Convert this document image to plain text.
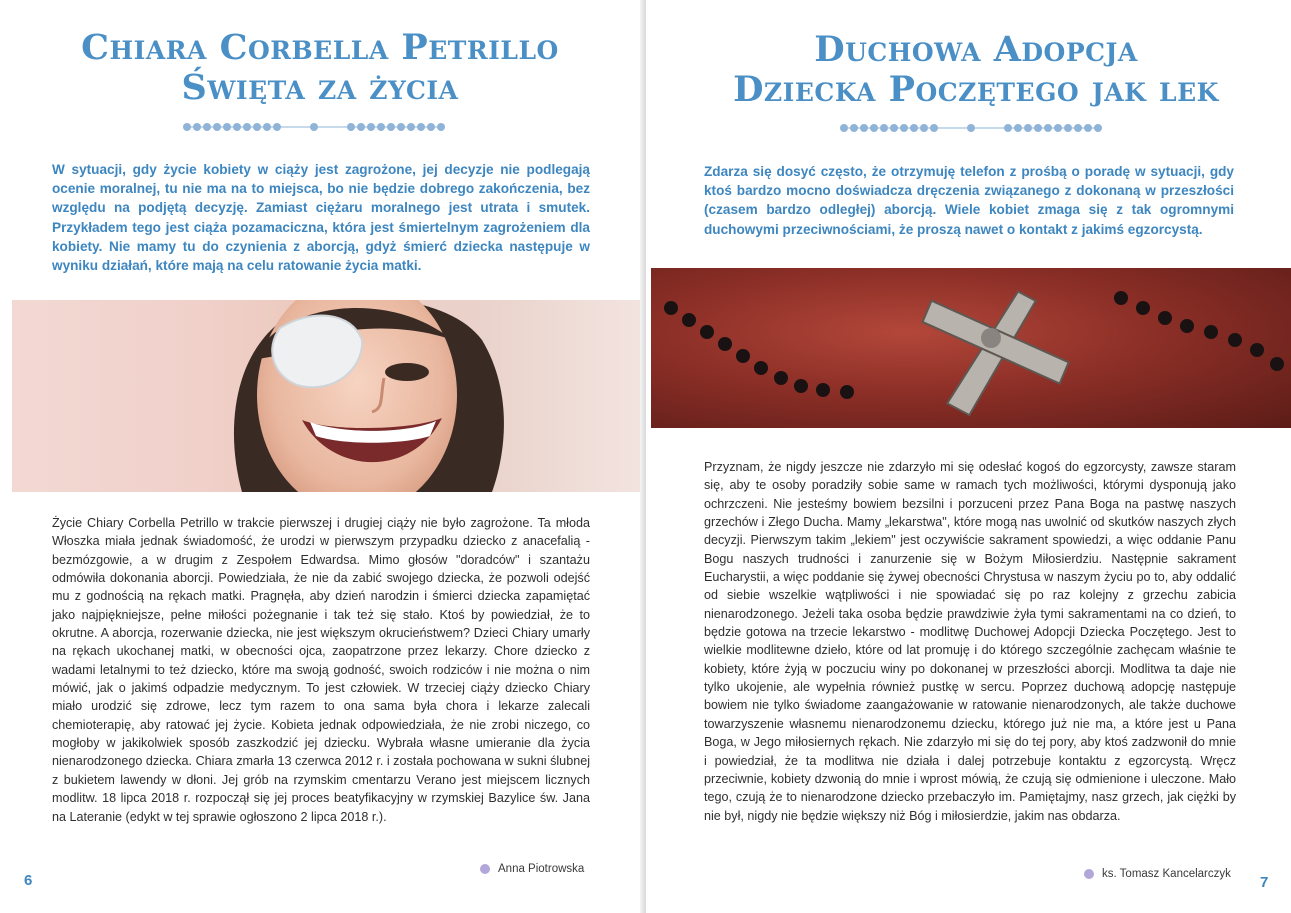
Chiara Corbella Petrillo
Święta za życia

W sytuacji, gdy życie kobiety w ciąży jest zagrożone, jej decyzje nie podlegają ocenie moralnej, tu nie ma na to miejsca, bo nie będzie dobrego zakończenia, bez względu na podjętą decyzję. Zamiast ciężaru moralnego jest utrata i smutek. Przykładem tego jest ciąża pozamaciczna, która jest śmiertelnym zagrożeniem dla kobiety. Nie mamy tu do czynienia z aborcją, gdyż śmierć dziecka następuje w wyniku działań, które mają na celu ratowanie życia matki.

Życie Chiary Corbella Petrillo w trakcie pierwszej i drugiej ciąży nie było zagrożone. Ta młoda Włoszka miała jednak świadomość, że urodzi w pierwszym przypadku dziecko z anacefalią - bezmózgowie, a w drugim z Zespołem Edwardsa. Mimo głosów "doradców" i szantażu odmówiła dokonania aborcji. Powiedziała, że nie da zabić swojego dziecka, że pozwoli odejść mu z godnością na rękach matki. Pragnęła, aby dzień narodzin i śmierci dziecka zapamiętać jako najpiękniejsze, pełne miłości pożegnanie i tak też się stało. Ktoś by powiedział, że to okrutne. A aborcja, rozerwanie dziecka, nie jest większym okrucieństwem? Dzieci Chiary umarły na rękach ukochanej matki, w obecności ojca, zaopatrzone przez lekarzy. Chore dziecko z wadami letalnymi to też dziecko, które ma swoją godność, swoich rodziców i nie można o nim mówić, jak o jakimś odpadzie medycznym. To jest człowiek. W trzeciej ciąży dziecko Chiary miało urodzić się zdrowe, lecz tym razem to ona sama była chora i lekarze zalecali chemioterapię, aby ratować jej życie. Kobieta jednak odpowiedziała, że nie zrobi niczego, co mogłoby w jakikolwiek sposób zaszkodzić jej dziecku. Wybrała własne umieranie dla życia nienarodzonego dziecka. Chiara zmarła 13 czerwca 2012 r. i została pochowana w sukni ślubnej z bukietem lawendy w dłoni. Jej grób na rzymskim cmentarzu Verano jest miejscem licznych modlitw. 18 lipca 2018 r. rozpoczął się jej proces beatyfikacyjny w rzymskiej Bazylice św. Jana na Lateranie (edykt w tej sprawie ogłoszono 2 lipca 2018 r.).

Anna Piotrowska
6
Duchowa Adopcja
Dziecka Poczętego jak lek

Zdarza się dosyć często, że otrzymuję telefon z prośbą o poradę w sytuacji, gdy ktoś bardzo mocno doświadcza dręczenia związanego z dokonaną w przeszłości (czasem bardzo odległej) aborcją. Wiele kobiet zmaga się z tak ogromnymi duchowymi przeciwnościami, że proszą nawet o kontakt z jakimś egzorcystą.

Przyznam, że nigdy jeszcze nie zdarzyło mi się odesłać kogoś do egzorcysty, zawsze staram się, aby te osoby poradziły sobie same w ramach tych możliwości, którymi dysponują jako ochrzczeni. Nie jesteśmy bowiem bezsilni i porzuceni przez Pana Boga na pastwę naszych grzechów i Złego Ducha. Mamy „lekarstwa", które mogą nas uwolnić od skutków naszych złych decyzji. Pierwszym takim „lekiem" jest oczywiście sakrament spowiedzi, a więc oddanie Panu Bogu naszych trudności i zanurzenie się w Bożym Miłosierdziu. Następnie sakrament Eucharystii, a więc poddanie się żywej obecności Chrystusa w naszym życiu po to, aby oddalić od siebie wszelkie wątpliwości i nie spowiadać się po raz kolejny z grzechu zabicia nienarodzonego. Jeżeli taka osoba będzie prawdziwie żyła tymi sakramentami na co dzień, to będzie gotowa na trzecie lekarstwo - modlitwę Duchowej Adopcji Dziecka Poczętego. Jest to wielkie modlitewne dzieło, które od lat promuję i do którego szczególnie zachęcam właśnie te kobiety, które żyją w poczuciu winy po dokonanej w przeszłości aborcji. Modlitwa ta daje nie tylko ukojenie, ale wypełnia również pustkę w sercu. Poprzez duchową adopcję następuje bowiem nie tylko świadome zaangażowanie w ratowanie nienarodzonych, ale także duchowe towarzyszenie własnemu nienarodzonemu dziecku, którego już nie ma, a które jest u Pana Boga, w Jego miłosiernych rękach. Nie zdarzyło mi się do tej pory, aby ktoś zadzwonił do mnie i powiedział, że ta modlitwa nie działa i dalej potrzebuje kontaktu z egzorcystą. Wręcz przeciwnie, kobiety dzwonią do mnie i wprost mówią, że czują się odmienione i uleczone. Mało tego, czują że to nienarodzone dziecko przebaczyło im. Pamiętajmy, nasz grzech, jak ciężki by nie był, nigdy nie będzie większy niż Bóg i miłosierdzie, jakim nas obdarza.

ks. Tomasz Kancelarczyk 7
